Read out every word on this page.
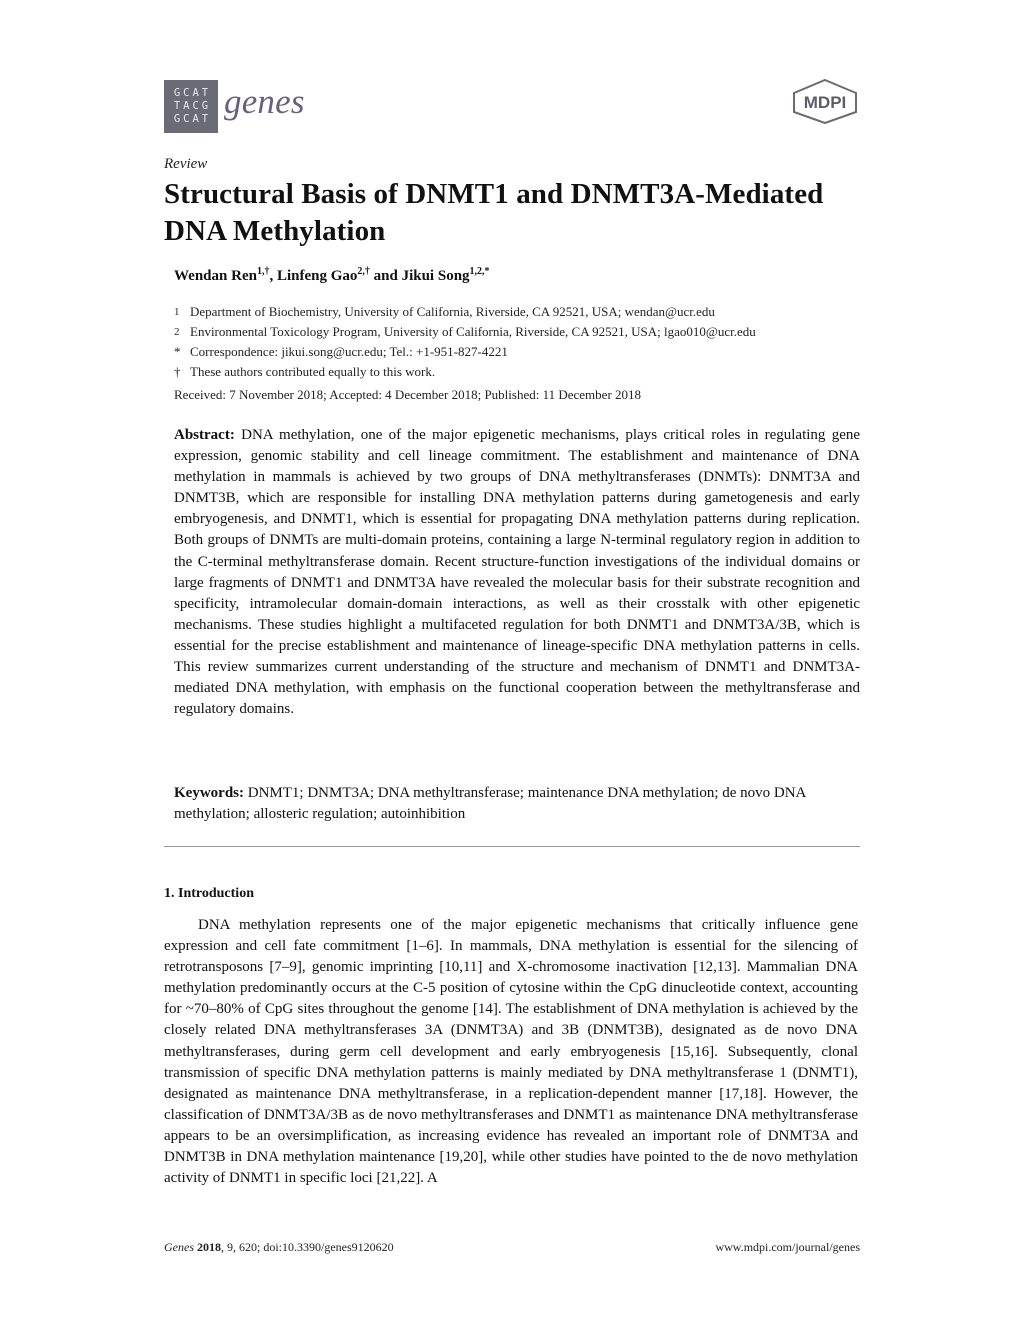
GCAT
TACG
GCAT genes	MDPI
Review
Structural Basis of DNMT1 and DNMT3A-Mediated DNA Methylation
Wendan Ren$^{1,\dagger}$, Linfeng Gao$^{2,\dagger}$ and Jikui Song$^{1,2,*}$
1 Department of Biochemistry, University of California, Riverside, CA 92521, USA; wendan@ucr.edu
2 Environmental Toxicology Program, University of California, Riverside, CA 92521, USA; lgao010@ucr.edu
* Correspondence: jikui.song@ucr.edu; Tel.: +1-951-827-4221
† These authors contributed equally to this work.
Received: 7 November 2018; Accepted: 4 December 2018; Published: 11 December 2018
Abstract: DNA methylation, one of the major epigenetic mechanisms, plays critical roles in regulating gene expression, genomic stability and cell lineage commitment. The establishment and maintenance of DNA methylation in mammals is achieved by two groups of DNA methyltransferases (DNMTs): DNMT3A and DNMT3B, which are responsible for installing DNA methylation patterns during gametogenesis and early embryogenesis, and DNMT1, which is essential for propagating DNA methylation patterns during replication. Both groups of DNMTs are multi-domain proteins, containing a large N-terminal regulatory region in addition to the C-terminal methyltransferase domain. Recent structure-function investigations of the individual domains or large fragments of DNMT1 and DNMT3A have revealed the molecular basis for their substrate recognition and specificity, intramolecular domain-domain interactions, as well as their crosstalk with other epigenetic mechanisms. These studies highlight a multifaceted regulation for both DNMT1 and DNMT3A/3B, which is essential for the precise establishment and maintenance of lineage-specific DNA methylation patterns in cells. This review summarizes current understanding of the structure and mechanism of DNMT1 and DNMT3A-mediated DNA methylation, with emphasis on the functional cooperation between the methyltransferase and regulatory domains.
Keywords: DNMT1; DNMT3A; DNA methyltransferase; maintenance DNA methylation; de novo DNA methylation; allosteric regulation; autoinhibition
1. Introduction
DNA methylation represents one of the major epigenetic mechanisms that critically influence gene expression and cell fate commitment [1–6]. In mammals, DNA methylation is essential for the silencing of retrotransposons [7–9], genomic imprinting [10,11] and X-chromosome inactivation [12,13]. Mammalian DNA methylation predominantly occurs at the C-5 position of cytosine within the CpG dinucleotide context, accounting for ~70–80% of CpG sites throughout the genome [14]. The establishment of DNA methylation is achieved by the closely related DNA methyltransferases 3A (DNMT3A) and 3B (DNMT3B), designated as de novo DNA methyltransferases, during germ cell development and early embryogenesis [15,16]. Subsequently, clonal transmission of specific DNA methylation patterns is mainly mediated by DNA methyltransferase 1 (DNMT1), designated as maintenance DNA methyltransferase, in a replication-dependent manner [17,18]. However, the classification of DNMT3A/3B as de novo methyltransferases and DNMT1 as maintenance DNA methyltransferase appears to be an oversimplification, as increasing evidence has revealed an important role of DNMT3A and DNMT3B in DNA methylation maintenance [19,20], while other studies have pointed to the de novo methylation activity of DNMT1 in specific loci [21,22]. A
Genes 2018, 9, 620; doi:10.3390/genes9120620	www.mdpi.com/journal/genes
